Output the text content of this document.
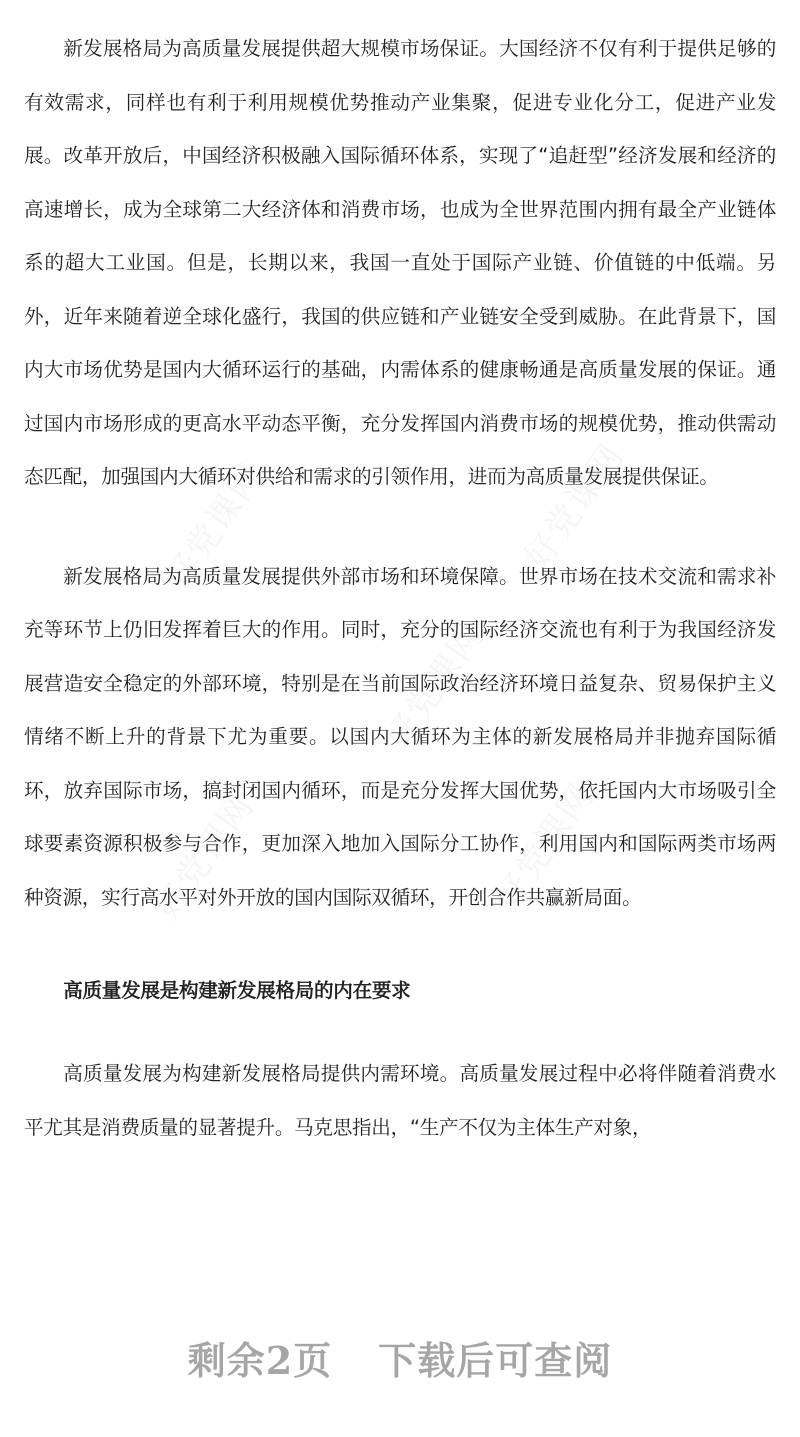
新发展格局为高质量发展提供超大规模市场保证。大国经济不仅有利于提供足够的有效需求，同样也有利于利用规模优势推动产业集聚，促进专业化分工，促进产业发展。改革开放后，中国经济积极融入国际循环体系，实现了“追赶型”经济发展和经济的高速增长，成为全球第二大经济体和消费市场，也成为全世界范围内拥有最全产业链体系的超大工业国。但是，长期以来，我国一直处于国际产业链、价值链的中低端。另外，近年来随着逆全球化盛行，我国的供应链和产业链安全受到威胁。在此背景下，国内大市场优势是国内大循环运行的基础，内需体系的健康畅通是高质量发展的保证。通过国内市场形成的更高水平动态平衡，充分发挥国内消费市场的规模优势，推动供需动态匹配，加强国内大循环对供给和需求的引领作用，进而为高质量发展提供保证。

新发展格局为高质量发展提供外部市场和环境保障。世界市场在技术交流和需求补充等环节上仍旧发挥着巨大的作用。同时，充分的国际经济交流也有利于为我国经济发展营造安全稳定的外部环境，特别是在当前国际政治经济环境日益复杂、贸易保护主义情绪不断上升的背景下尤为重要。以国内大循环为主体的新发展格局并非抛弃国际循环，放弃国际市场，搞封闭国内循环，而是充分发挥大国优势，依托国内大市场吸引全球要素资源积极参与合作，更加深入地加入国际分工协作，利用国内和国际两类市场两种资源，实行高水平对外开放的国内国际双循环，开创合作共赢新局面。

高质量发展是构建新发展格局的内在要求

高质量发展为构建新发展格局提供内需环境。高质量发展过程中必将伴随着消费水平尤其是消费质量的显著提升。马克思指出，“生产不仅为主体生产对象，

好党课网	好党课网
好党课网
好党课网	好党课网
剩余2页 下载后可查阅
